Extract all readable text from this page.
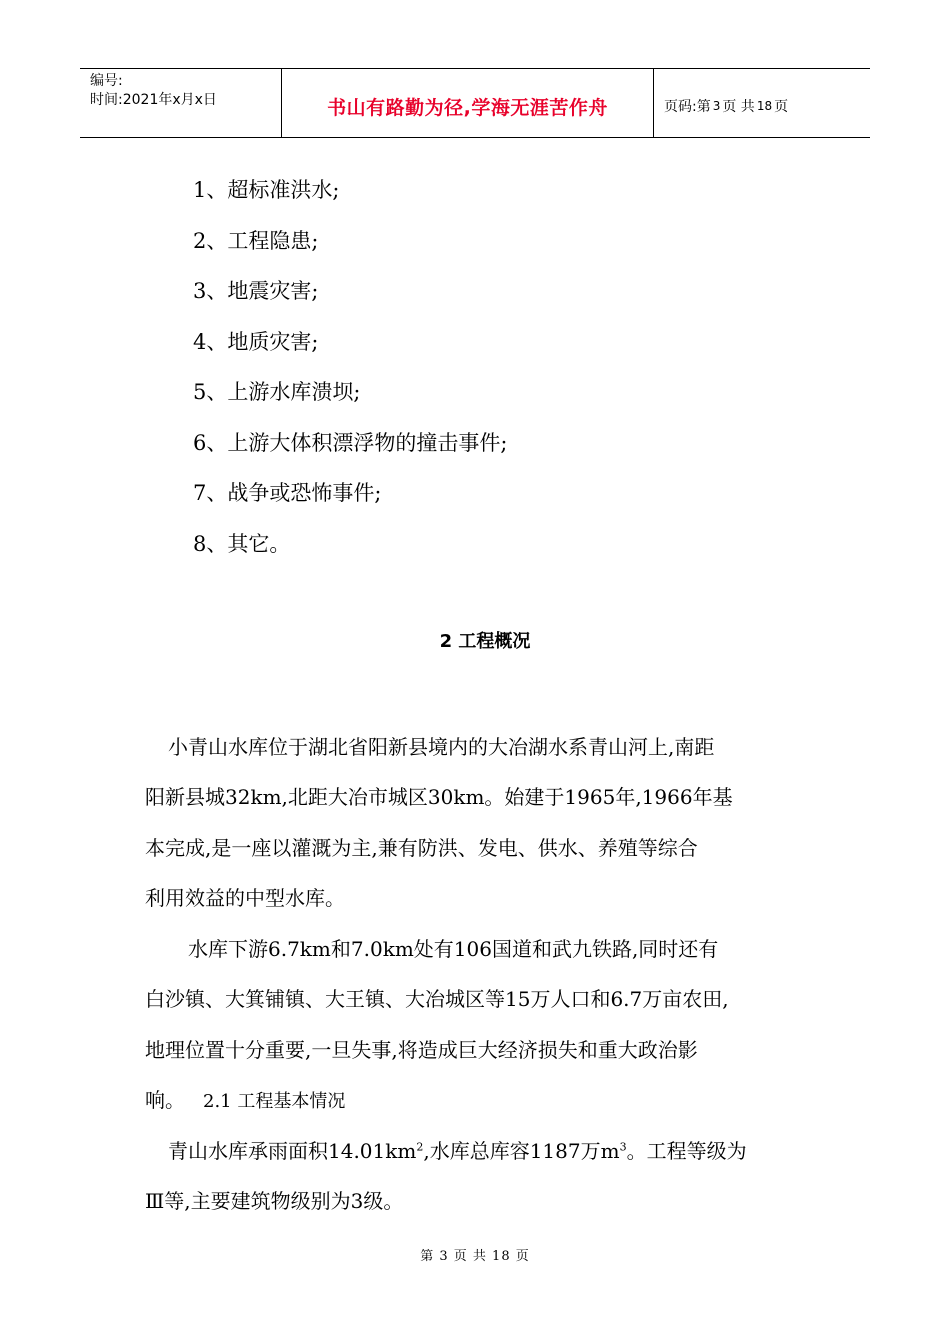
编号:
时间:2021年x月x日	书山有路勤为径,学海无涯苦作舟	页码:第 3 页 共 18 页
1、超标准洪水;
2、工程隐患;
3、地震灾害;
4、地质灾害;
5、上游水库溃坝;
6、上游大体积漂浮物的撞击事件;
7、战争或恐怖事件;
8、其它。
2 工程概况
小青山水库位于湖北省阳新县境内的大冶湖水系青山河上,南距
阳新县城32km,北距大冶市城区30km。始建于1965年,1966年基
本完成,是一座以灌溉为主,兼有防洪、发电、供水、养殖等综合
利用效益的中型水库。
水库下游6.7km和7.0km处有106国道和武九铁路,同时还有
白沙镇、大箕铺镇、大王镇、大冶城区等15万人口和6.7万亩农田,
地理位置十分重要,一旦失事,将造成巨大经济损失和重大政治影
响。 2.1 工程基本情况
青山水库承雨面积$14.01km^2$,水库总库容1187万$m^3$。工程等级为
Ⅲ等,主要建筑物级别为3级。
第 3 页 共 18 页
